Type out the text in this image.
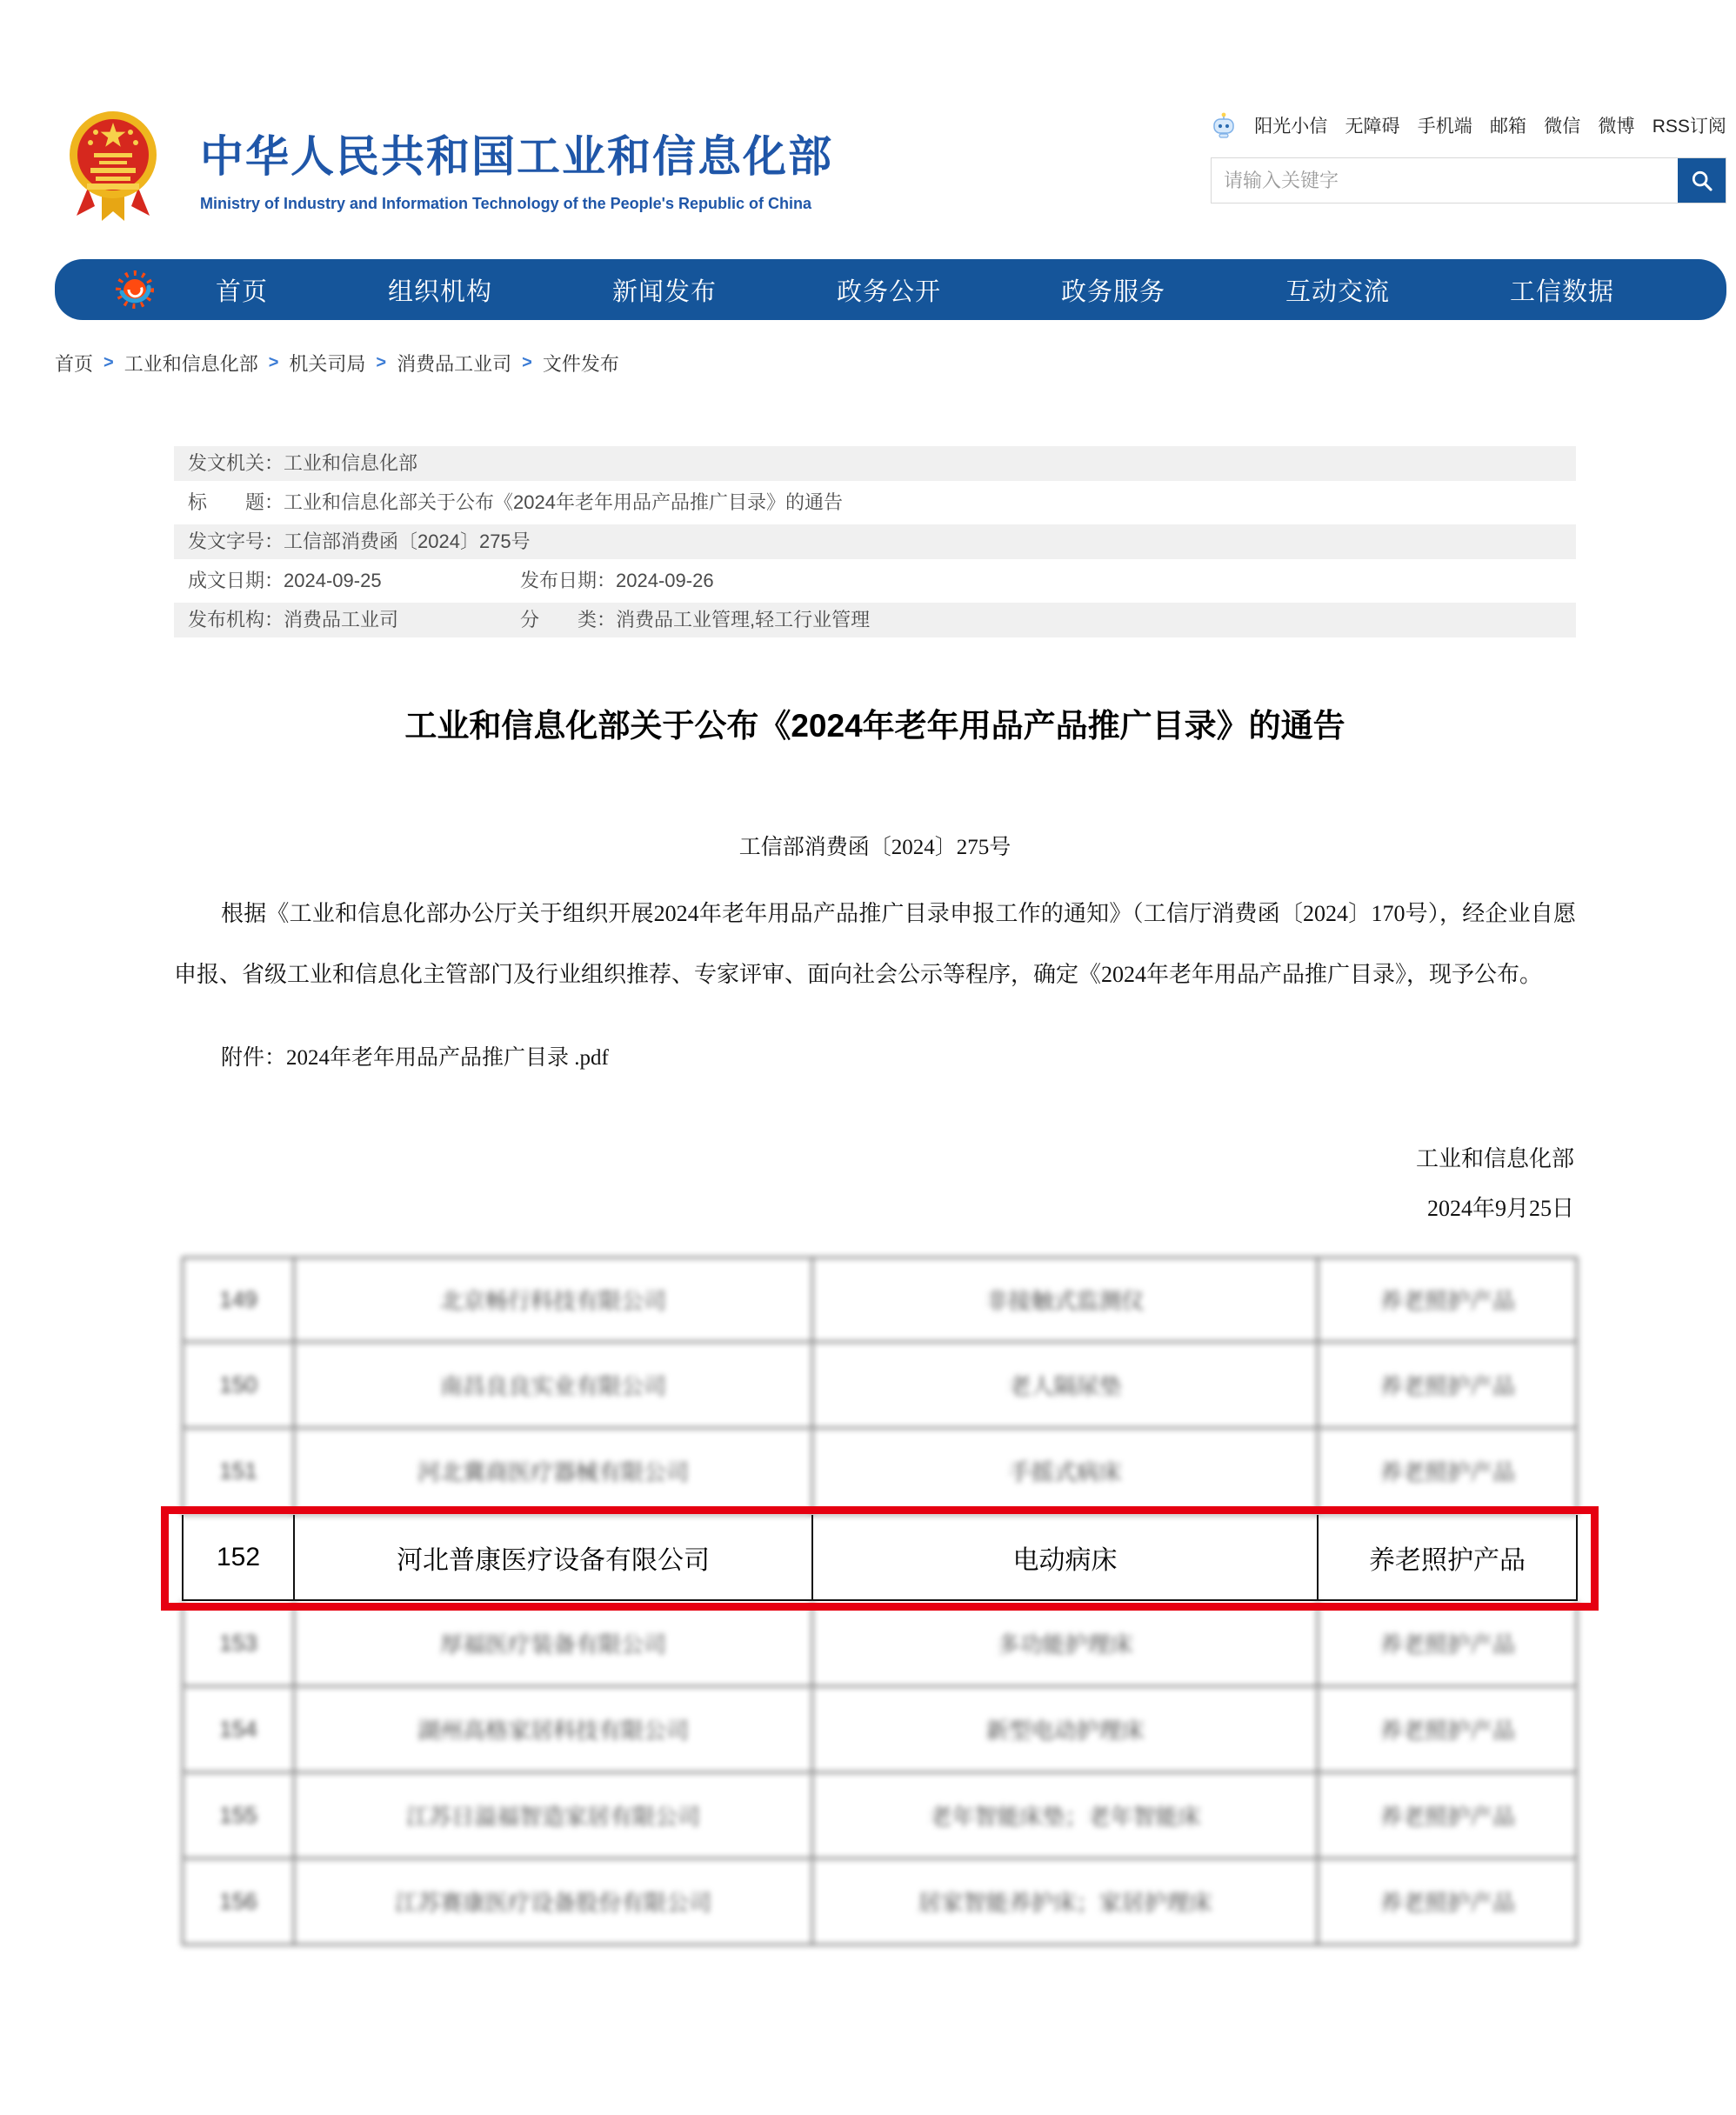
中华人民共和国工业和信息化部
Ministry of Industry and Information Technology of the People's Republic of China
阳光小信 无障碍 手机端 邮箱 微信 微博 RSS订阅
请输入关键字
首页	组织机构	新闻发布	政务公开	政务服务	互动交流	工信数据
首页 > 工业和信息化部 > 机关司局 > 消费品工业司 > 文件发布
发文机关：工业和信息化部
标　　题：工业和信息化部关于公布《2024年老年用品产品推广目录》的通告
发文字号：工信部消费函〔2024〕275号
成文日期：2024-09-25	发布日期：2024-09-26
发布机构：消费品工业司	分　　类：消费品工业管理,轻工行业管理
工业和信息化部关于公布《2024年老年用品产品推广目录》的通告
工信部消费函〔2024〕275号

根据《工业和信息化部办公厅关于组织开展2024年老年用品产品推广目录申报工作的通知》（工信厅消费函〔2024〕170号），经企业自愿申报、省级工业和信息化主管部门及行业组织推荐、专家评审、面向社会公示等程序，确定《2024年老年用品产品推广目录》，现予公布。

附件：2024年老年用品产品推广目录 .pdf

工业和信息化部
2024年9月25日
149	北京畅行科技有限公司	非接触式监测仪	养老照护产品
150	南昌良良实业有限公司	老人隔尿垫	养老照护产品
151	河北冀商医疗器械有限公司	手摇式病床	养老照护产品
152	河北普康医疗设备有限公司	电动病床	养老照护产品
153	厚福医疗装备有限公司	多功能护理床	养老照护产品
154	湖州高格家居科技有限公司	新型电动护理床	养老照护产品
155	江苏日溢福智造家居有限公司	老年智能床垫；老年智能床	养老照护产品
156	江苏赛康医疗设备股份有限公司	居家智能养护床；家居护理床	养老照护产品
